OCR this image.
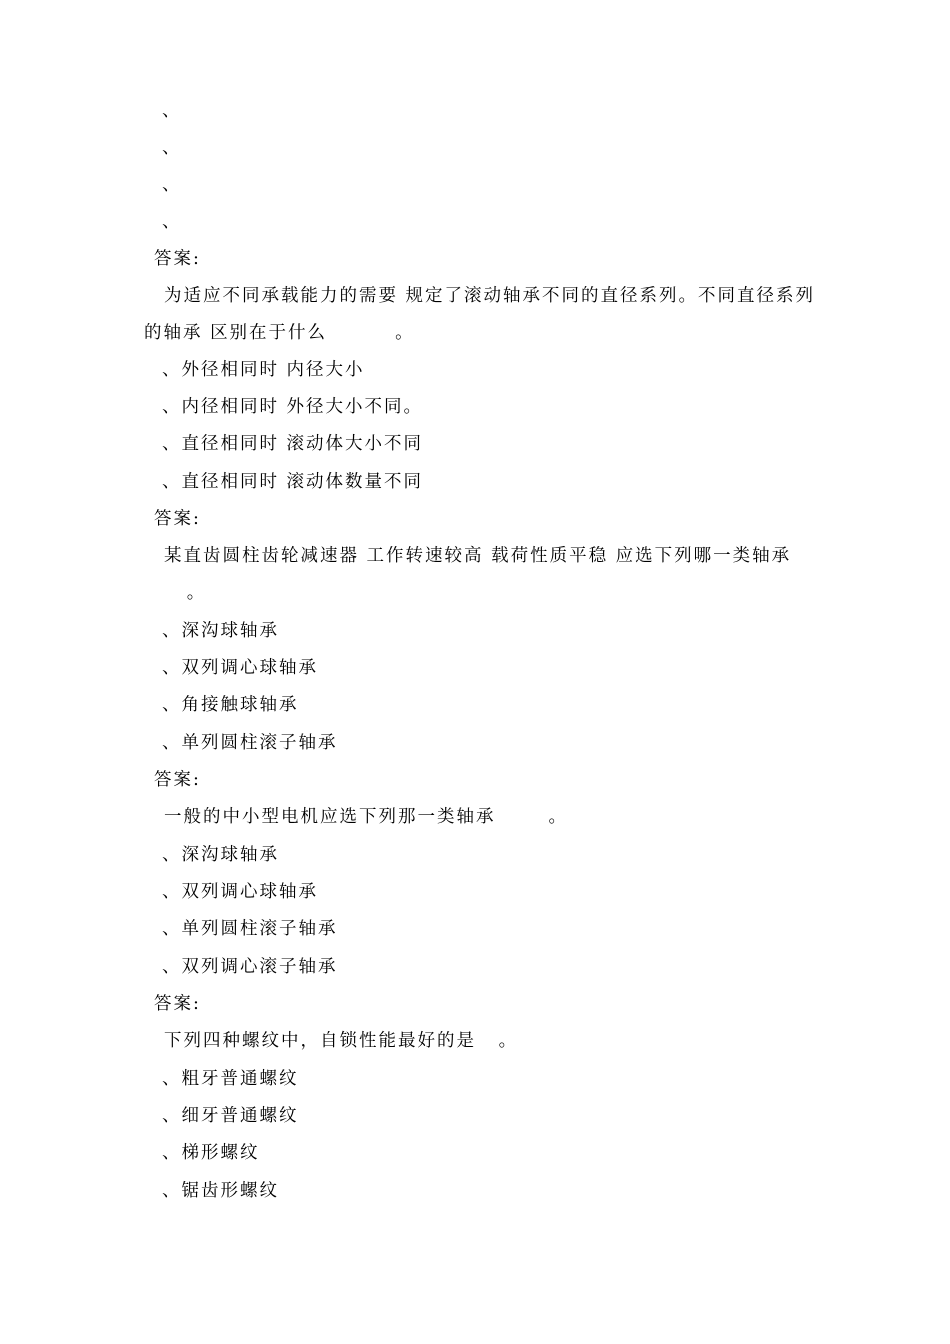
、
、
、
、
答案:
为适应不同承载能力的需要 规定了滚动轴承不同的直径系列。不同直径系列
的轴承 区别在于什么         。
、外径相同时 内径大小
、内径相同时 外径大小不同。
、直径相同时 滚动体大小不同
、直径相同时 滚动体数量不同
答案:
某直齿圆柱齿轮减速器 工作转速较高 载荷性质平稳 应选下列哪一类轴承
。
、深沟球轴承
、双列调心球轴承
、角接触球轴承
、单列圆柱滚子轴承
答案:
一般的中小型电机应选下列那一类轴承       。
、深沟球轴承
、双列调心球轴承
、单列圆柱滚子轴承
、双列调心滚子轴承
答案:
下列四种螺纹中，自锁性能最好的是   。
、粗牙普通螺纹
、细牙普通螺纹
、梯形螺纹
、锯齿形螺纹
